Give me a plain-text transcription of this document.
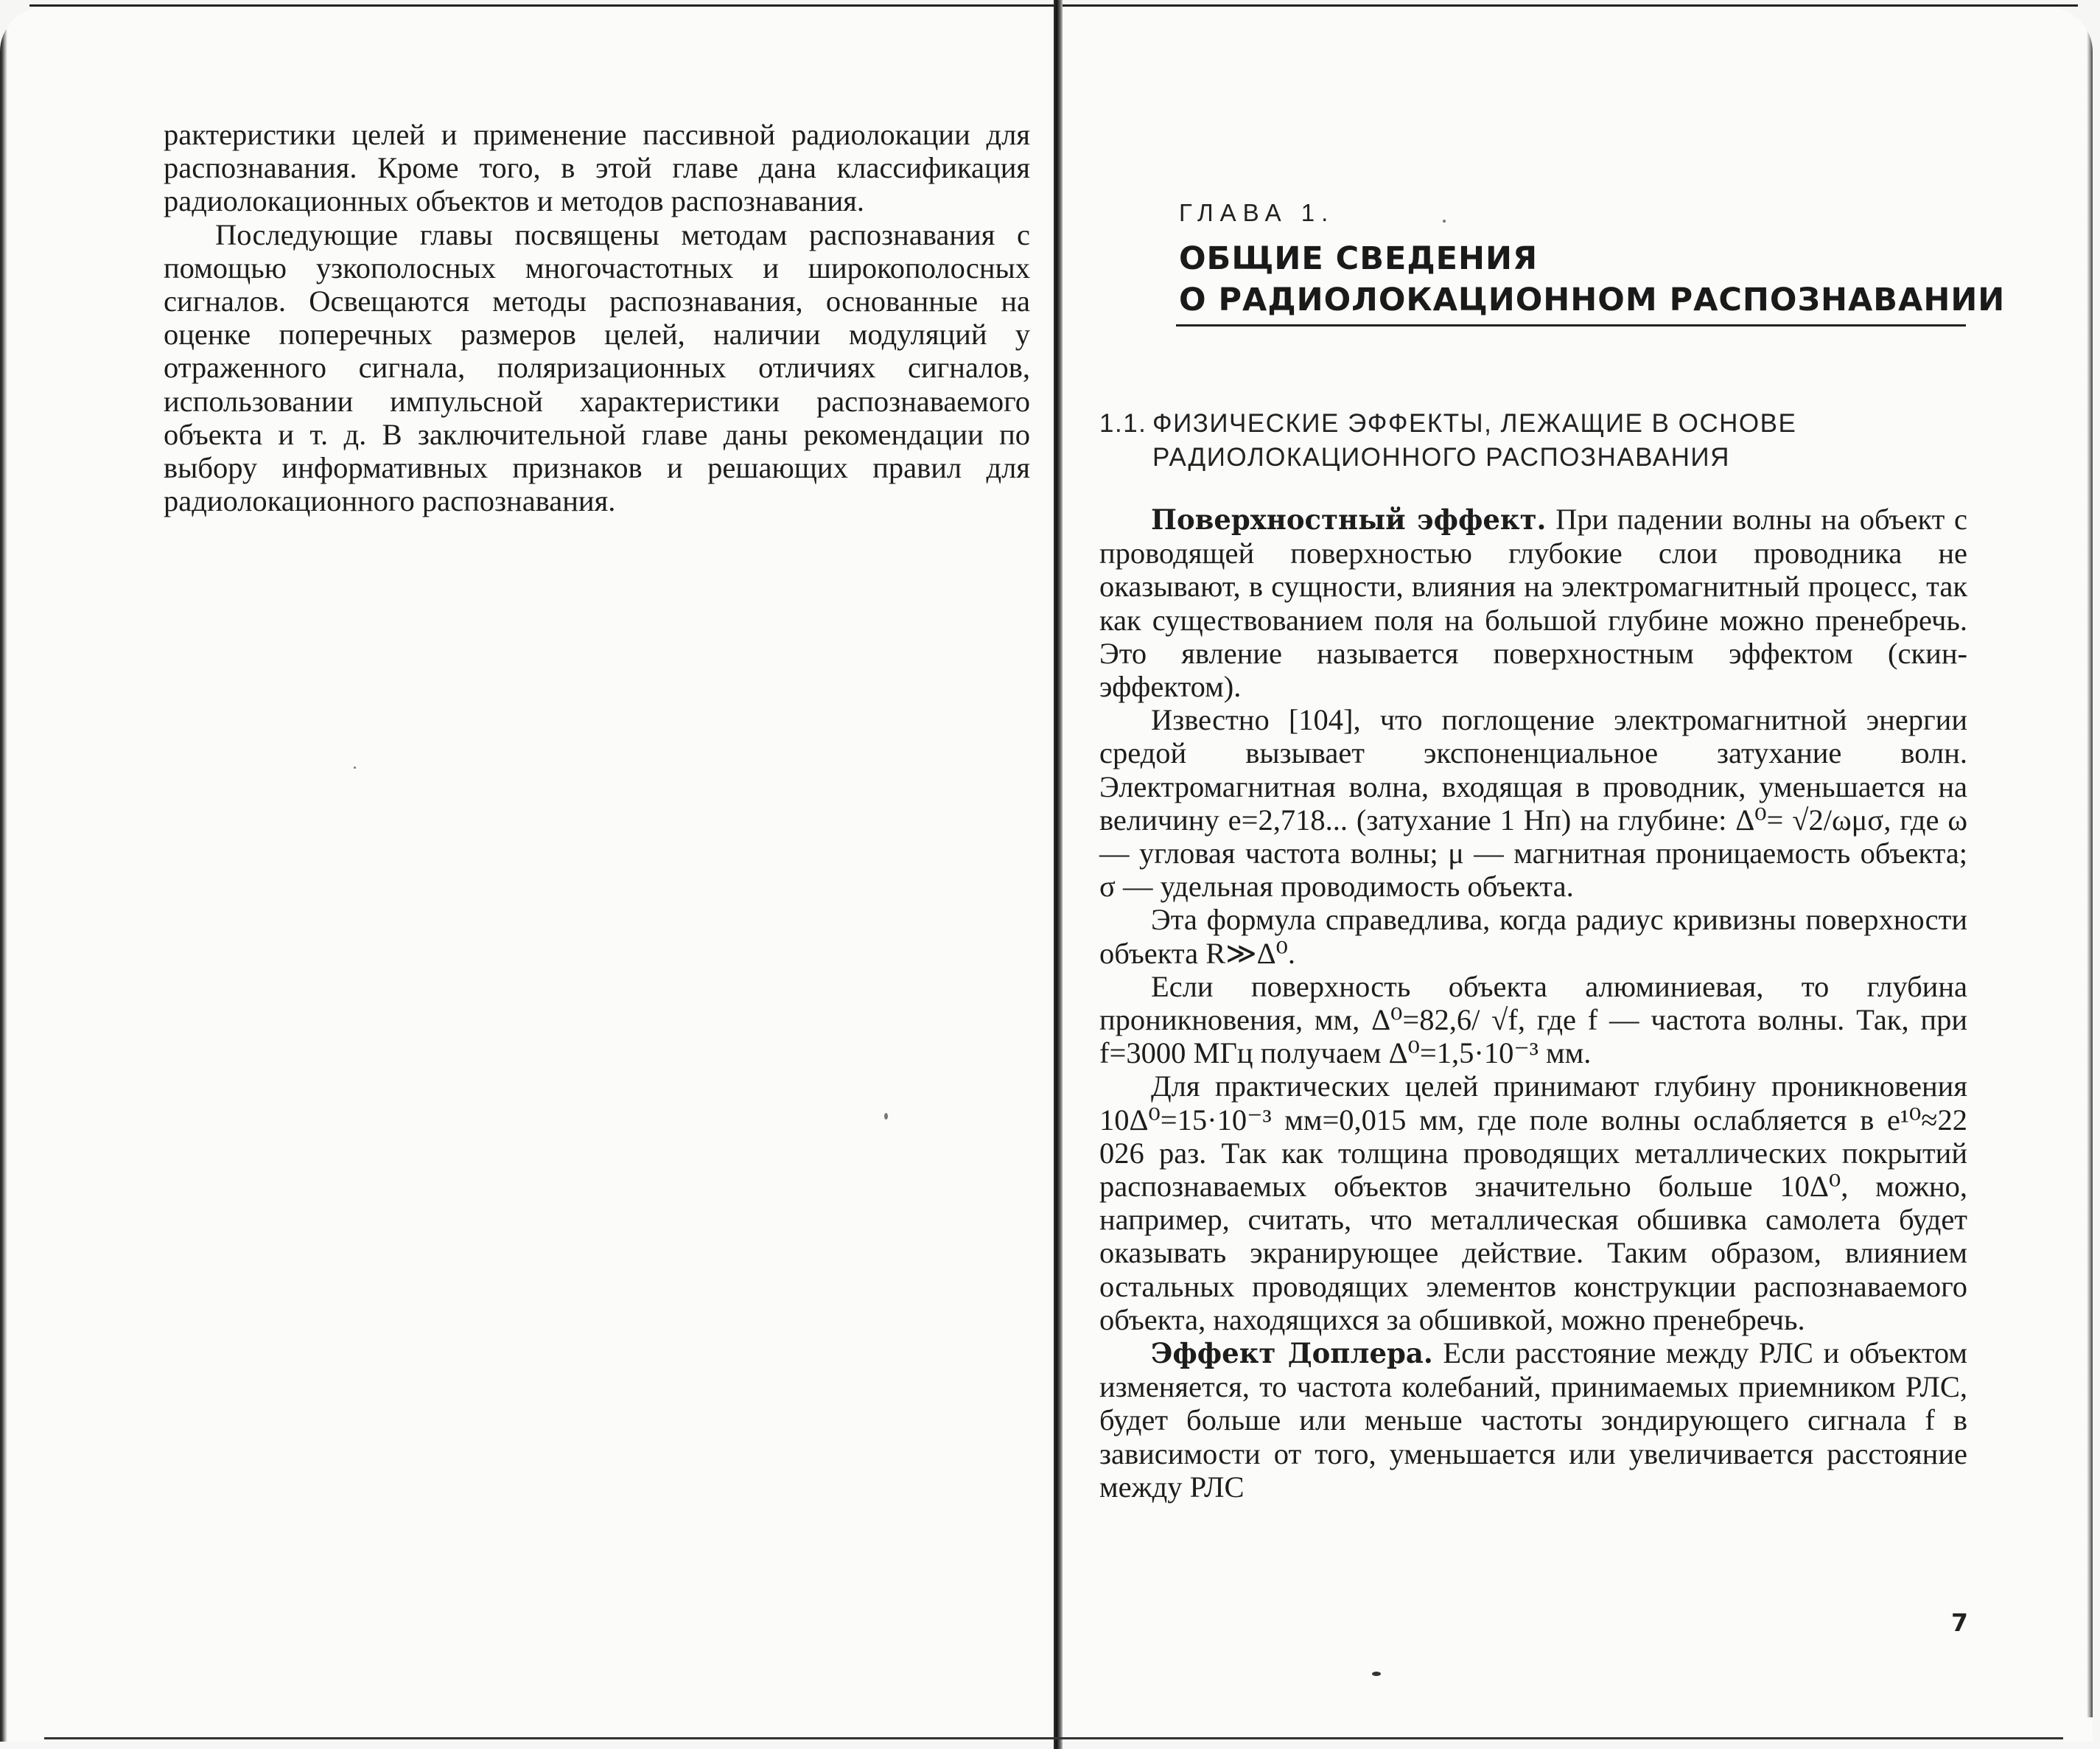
рактеристики целей и применение пассивной радиолокации для распознавания. Кроме того, в этой главе дана классификация радиолокационных объектов и методов распознавания.

Последующие главы посвящены методам распознавания с помощью узкополосных многочастотных и широкополосных сигналов. Освещаются методы распознавания, основанные на оценке поперечных размеров целей, наличии модуляций у отраженного сигнала, поляризационных отличиях сигналов, использовании импульсной характеристики распознаваемого объекта и т. д. В заключительной главе даны рекомендации по выбору информативных признаков и решающих правил для радиолокационного распознавания.

ГЛАВА 1.
ОБЩИЕ СВЕДЕНИЯ
О РАДИОЛОКАЦИОННОМ РАСПОЗНАВАНИИ
1.1. ФИЗИЧЕСКИЕ ЭФФЕКТЫ, ЛЕЖАЩИЕ В ОСНОВЕ
РАДИОЛОКАЦИОННОГО РАСПОЗНАВАНИЯ

Поверхностный эффект. При падении волны на объект с проводящей поверхностью глубокие слои проводника не оказывают, в сущности, влияния на электромагнитный процесс, так как существованием поля на большой глубине можно пренебречь. Это явление называется поверхностным эффектом (скин-эффектом).

Известно [104], что поглощение электромагнитной энергии средой вызывает экспоненциальное затухание волн. Электромагнитная волна, входящая в проводник, уменьшается на величину e=2,718... (затухание 1 Нп) на глубине: Δ⁰= √2/ωμσ, где ω — угловая частота волны; μ — магнитная проницаемость объекта; σ — удельная проводимость объекта.

Эта формула справедлива, когда радиус кривизны поверхности объекта R≫Δ⁰.

Если поверхность объекта алюминиевая, то глубина проникновения, мм, Δ⁰=82,6/ √f, где f — частота волны. Так, при f=3000 МГц получаем Δ⁰=1,5·10⁻³ мм.

Для практических целей принимают глубину проникновения 10Δ⁰=15·10⁻³ мм=0,015 мм, где поле волны ослабляется в e¹⁰≈22 026 раз. Так как толщина проводящих металлических покрытий распознаваемых объектов значительно больше 10Δ⁰, можно, например, считать, что металлическая обшивка самолета будет оказывать экранирующее действие. Таким образом, влиянием остальных проводящих элементов конструкции распознаваемого объекта, находящихся за обшивкой, можно пренебречь.

Эффект Доплера. Если расстояние между РЛС и объектом изменяется, то частота колебаний, принимаемых приемником РЛС, будет больше или меньше частоты зондирующего сигнала f в зависимости от того, уменьшается или увеличивается расстояние между РЛС

7
